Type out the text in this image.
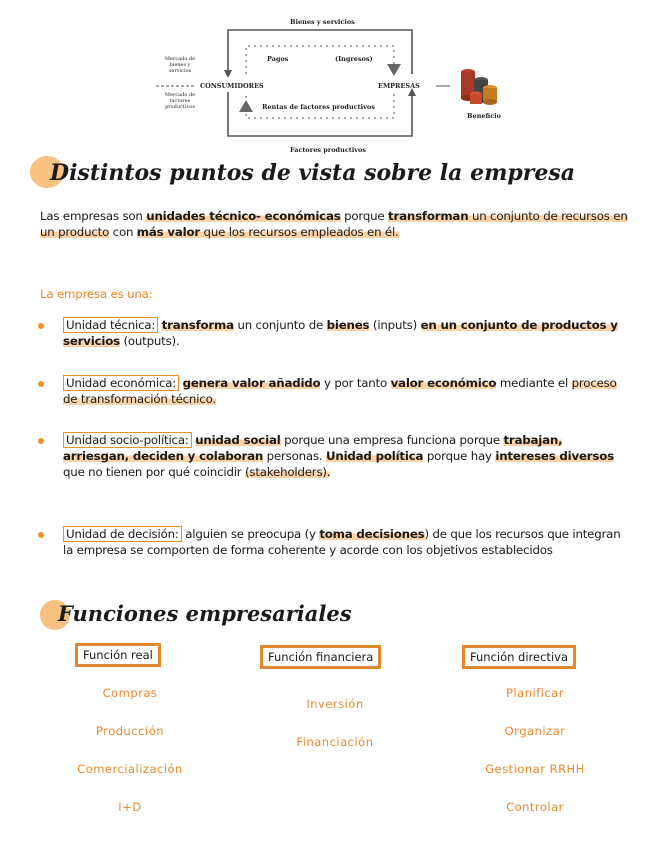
Bienes y servicios
Factores productivos
Mercado de bienes y servicios
Mercado de factores productivos
CONSUMIDORES	EMPRESAS
Pagos	(Ingresos)
Rentas de factores productivos
Beneficio
Distintos puntos de vista sobre la empresa
Las empresas son unidades técnico- económicas porque transforman un conjunto de recursos en un producto con más valor que los recursos empleados en él.
La empresa es una:
Unidad técnica: transforma un conjunto de bienes (inputs) en un conjunto de productos y servicios (outputs).
Unidad económica: genera valor añadido y por tanto valor económico mediante el proceso de transformación técnico.
Unidad socio-política: unidad social porque una empresa funciona porque trabajan, arriesgan, deciden y colaboran personas. Unidad política porque hay intereses diversos que no tienen por qué coincidir (stakeholders).
Unidad de decisión: alguien se preocupa (y toma decisiones) de que los recursos que integran la empresa se comporten de forma coherente y acorde con los objetivos establecidos
Funciones empresariales
Función real
Compras
Producción
Comercialización
I+D
Función financiera
Inversión
Financiación
Función directiva
Planificar
Organizar
Gestionar RRHH
Controlar
